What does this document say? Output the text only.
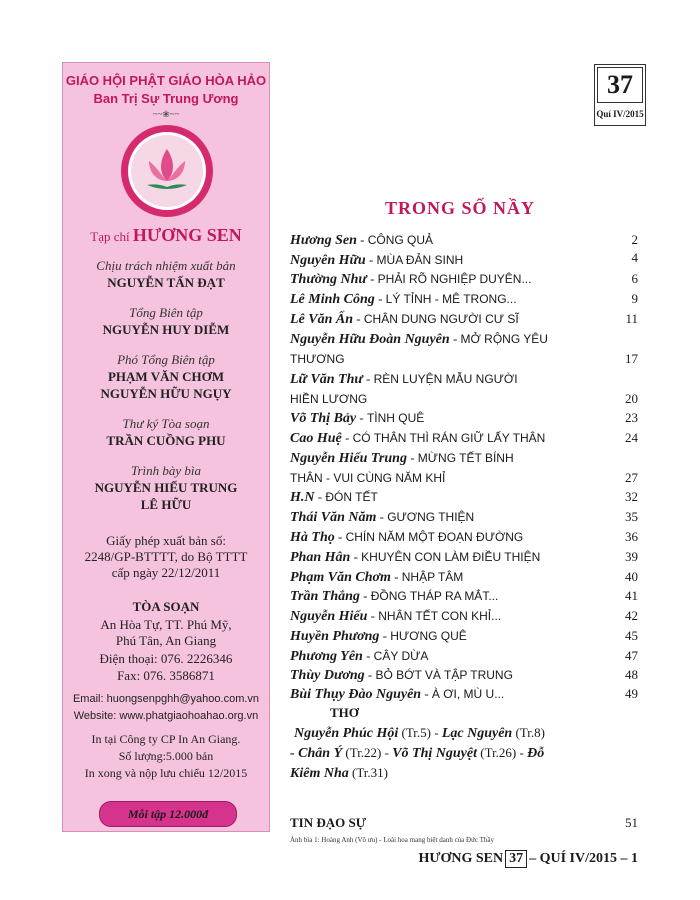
GIÁO HỘI PHẬT GIÁO HÒA HẢO
Ban Trị Sự Trung Ương
~~❀~~
Tạp chí HƯƠNG SEN
Chịu trách nhiệm xuất bản
NGUYỄN TẤN ĐẠT
Tổng Biên tập
NGUYỄN HUY DIỄM
Phó Tổng Biên tập
PHẠM VĂN CHƠM
NGUYỄN HỮU NGỤY
Thư ký Tòa soạn
TRẦN CUỒNG PHU
Trình bày bìa
NGUYỄN HIẾU TRUNG
LÊ HỮU
Giấy phép xuất bản số:
2248/GP-BTTTT, do Bộ TTTT
cấp ngày 22/12/2011
TÒA SOẠN
An Hòa Tự, TT. Phú Mỹ,
Phú Tân, An Giang
Điện thoại: 076. 2226346
Fax: 076. 3586871
Email: huongsenpghh@yahoo.com.vn
Website: www.phatgiaohoahao.org.vn
In tại Công ty CP In An Giang.
Số lượng:5.000 bản
In xong và nộp lưu chiểu 12/2015
Mỗi tập 12.000đ
37
Quí IV/2015
TRONG SỐ NẦY
Hương Sen - CÔNG QUẢ	2
Nguyên Hữu - MÙA ĐẢN SINH	4
Thường Như - PHẢI RÕ NGHIỆP DUYÊN...	6
Lê Minh Công - LÝ TỈNH - MÊ TRONG...	9
Lê Văn Ẩn - CHÂN DUNG NGƯỜI CƯ SĨ	11
Nguyễn Hữu Đoàn Nguyên - MỞ RỘNG YÊU
THƯƠNG	17
Lữ Văn Thư - RÈN LUYỆN MẪU NGƯỜI
HIỀN LƯƠNG	20
Võ Thị Bảy - TÌNH QUÊ	23
Cao Huệ - CÓ THÂN THÌ RÁN GIỮ LẤY THÂN	24
Nguyễn Hiếu Trung - MỪNG TẾT BÍNH
THÂN - VUI CÙNG NĂM KHỈ	27
H.N - ĐÓN TẾT	32
Thái Văn Năm - GƯƠNG THIỆN	35
Hà Thọ - CHÍN NĂM MỘT ĐOẠN ĐƯỜNG	36
Phan Hân - KHUYÊN CON LÀM ĐIỀU THIỆN	39
Phạm Văn Chơm - NHẬP TÂM	40
Trần Thắng - ĐỒNG THÁP RA MẮT...	41
Nguyễn Hiếu - NHÂN TẾT CON KHỈ...	42
Huyền Phương - HƯƠNG QUÊ	45
Phương Yên - CÂY DỪA	47
Thùy Dương - BỎ BỚT VÀ TẬP TRUNG	48
Bùi Thụy Đào Nguyên - À ƠI, MÙ U...	49
THƠ
Nguyễn Phúc Hội (Tr.5) - Lạc Nguyên (Tr.8)
- Chân Ý (Tr.22) - Võ Thị Nguyệt (Tr.26) - Đỗ
Kiêm Nha (Tr.31)
TIN ĐẠO SỰ	51
Ảnh bìa 1: Hoàng Anh (Võ ưu) - Loài hoa mang biệt danh của Đức Thầy
HƯƠNG SEN 37 – QUÍ IV/2015 – 1
